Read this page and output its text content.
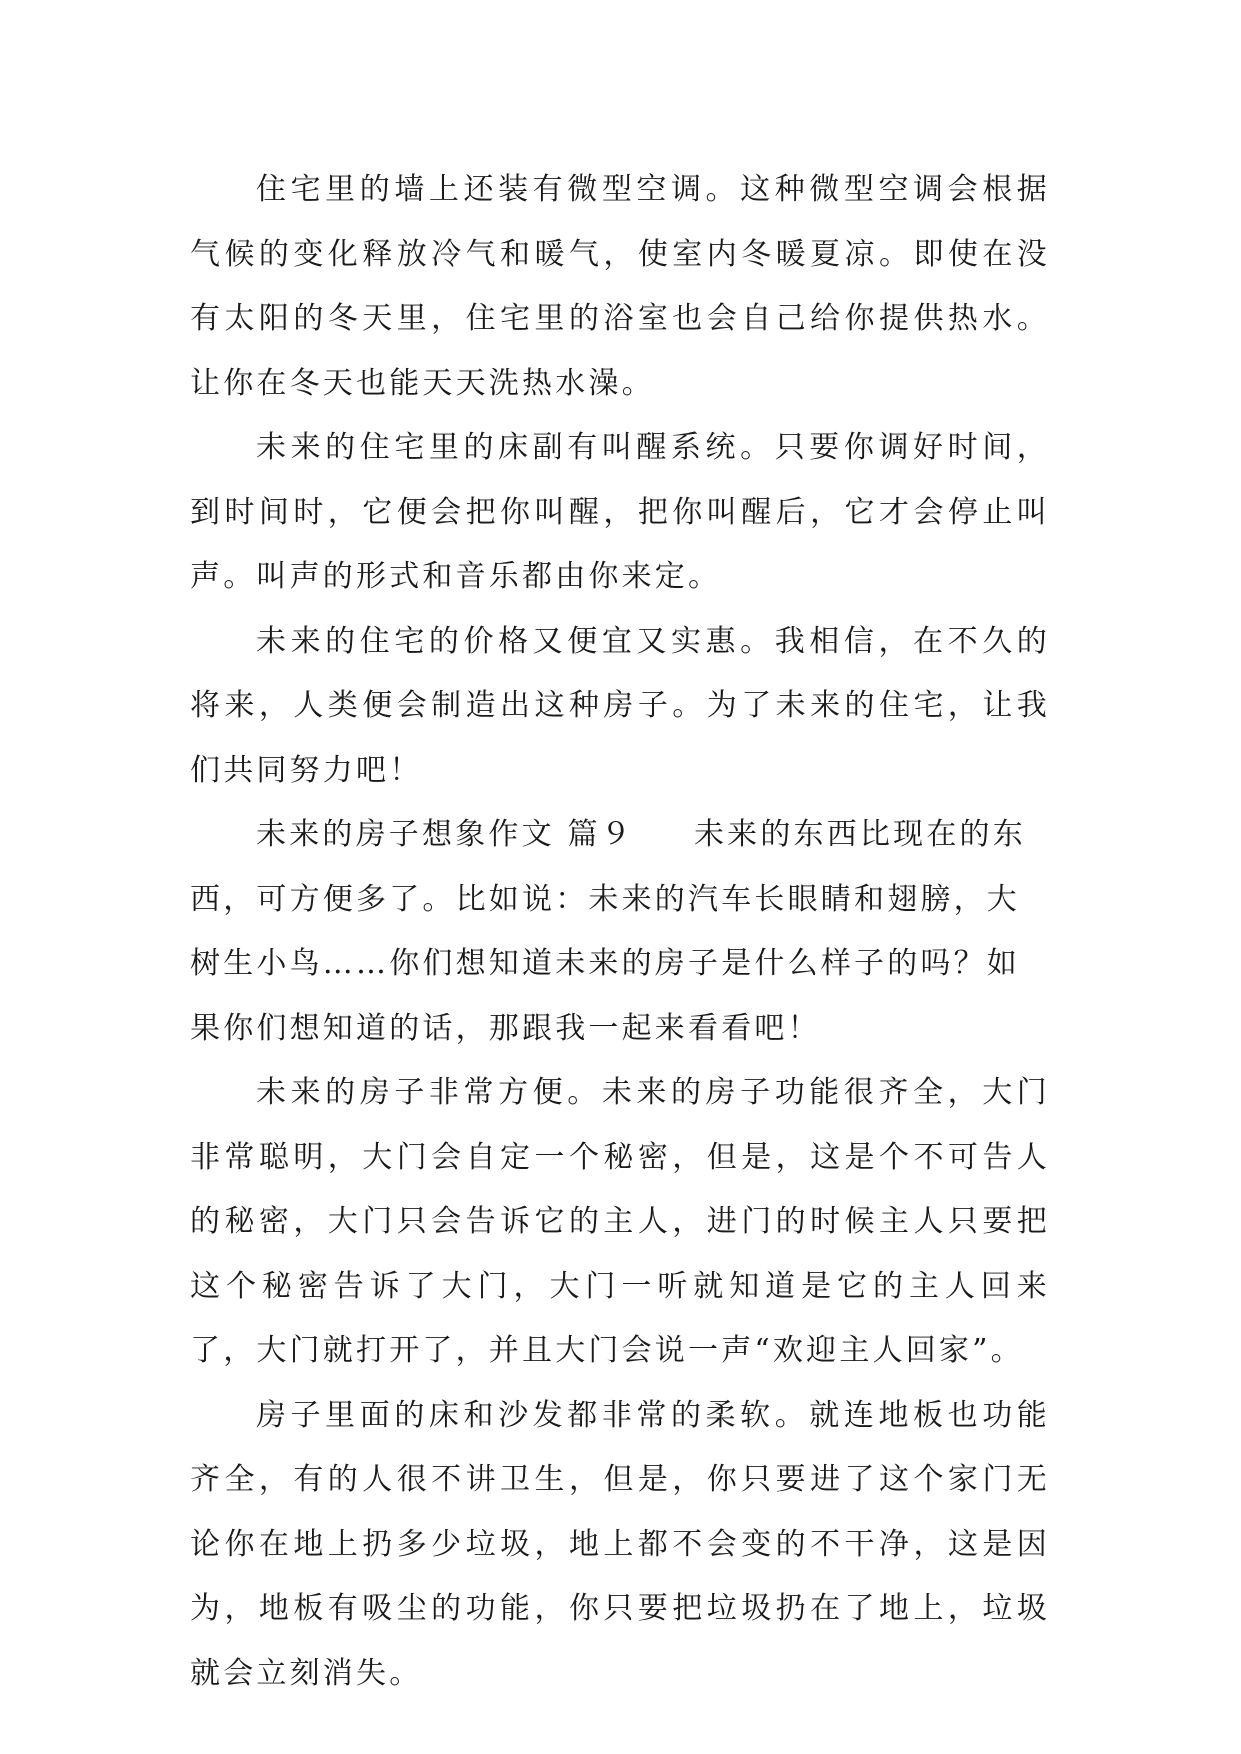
住宅里的墙上还装有微型空调。这种微型空调会根据气候的变化释放冷气和暖气，使室内冬暖夏凉。即使在没有太阳的冬天里，住宅里的浴室也会自己给你提供热水。让你在冬天也能天天洗热水澡。

未来的住宅里的床副有叫醒系统。只要你调好时间，到时间时，它便会把你叫醒，把你叫醒后，它才会停止叫声。叫声的形式和音乐都由你来定。

未来的住宅的价格又便宜又实惠。我相信，在不久的将来，人类便会制造出这种房子。为了未来的住宅，让我们共同努力吧！

未来的房子想象作文 篇９ 未来的东西比现在的东西，可方便多了。比如说：未来的汽车长眼睛和翅膀，大树生小鸟……你们想知道未来的房子是什么样子的吗？如果你们想知道的话，那跟我一起来看看吧！

未来的房子非常方便。未来的房子功能很齐全，大门非常聪明，大门会自定一个秘密，但是，这是个不可告人的秘密，大门只会告诉它的主人，进门的时候主人只要把这个秘密告诉了大门，大门一听就知道是它的主人回来了，大门就打开了，并且大门会说一声“欢迎主人回家”。

房子里面的床和沙发都非常的柔软。就连地板也功能齐全，有的人很不讲卫生，但是，你只要进了这个家门无论你在地上扔多少垃圾，地上都不会变的不干净，这是因为，地板有吸尘的功能，你只要把垃圾扔在了地上，垃圾就会立刻消失。
